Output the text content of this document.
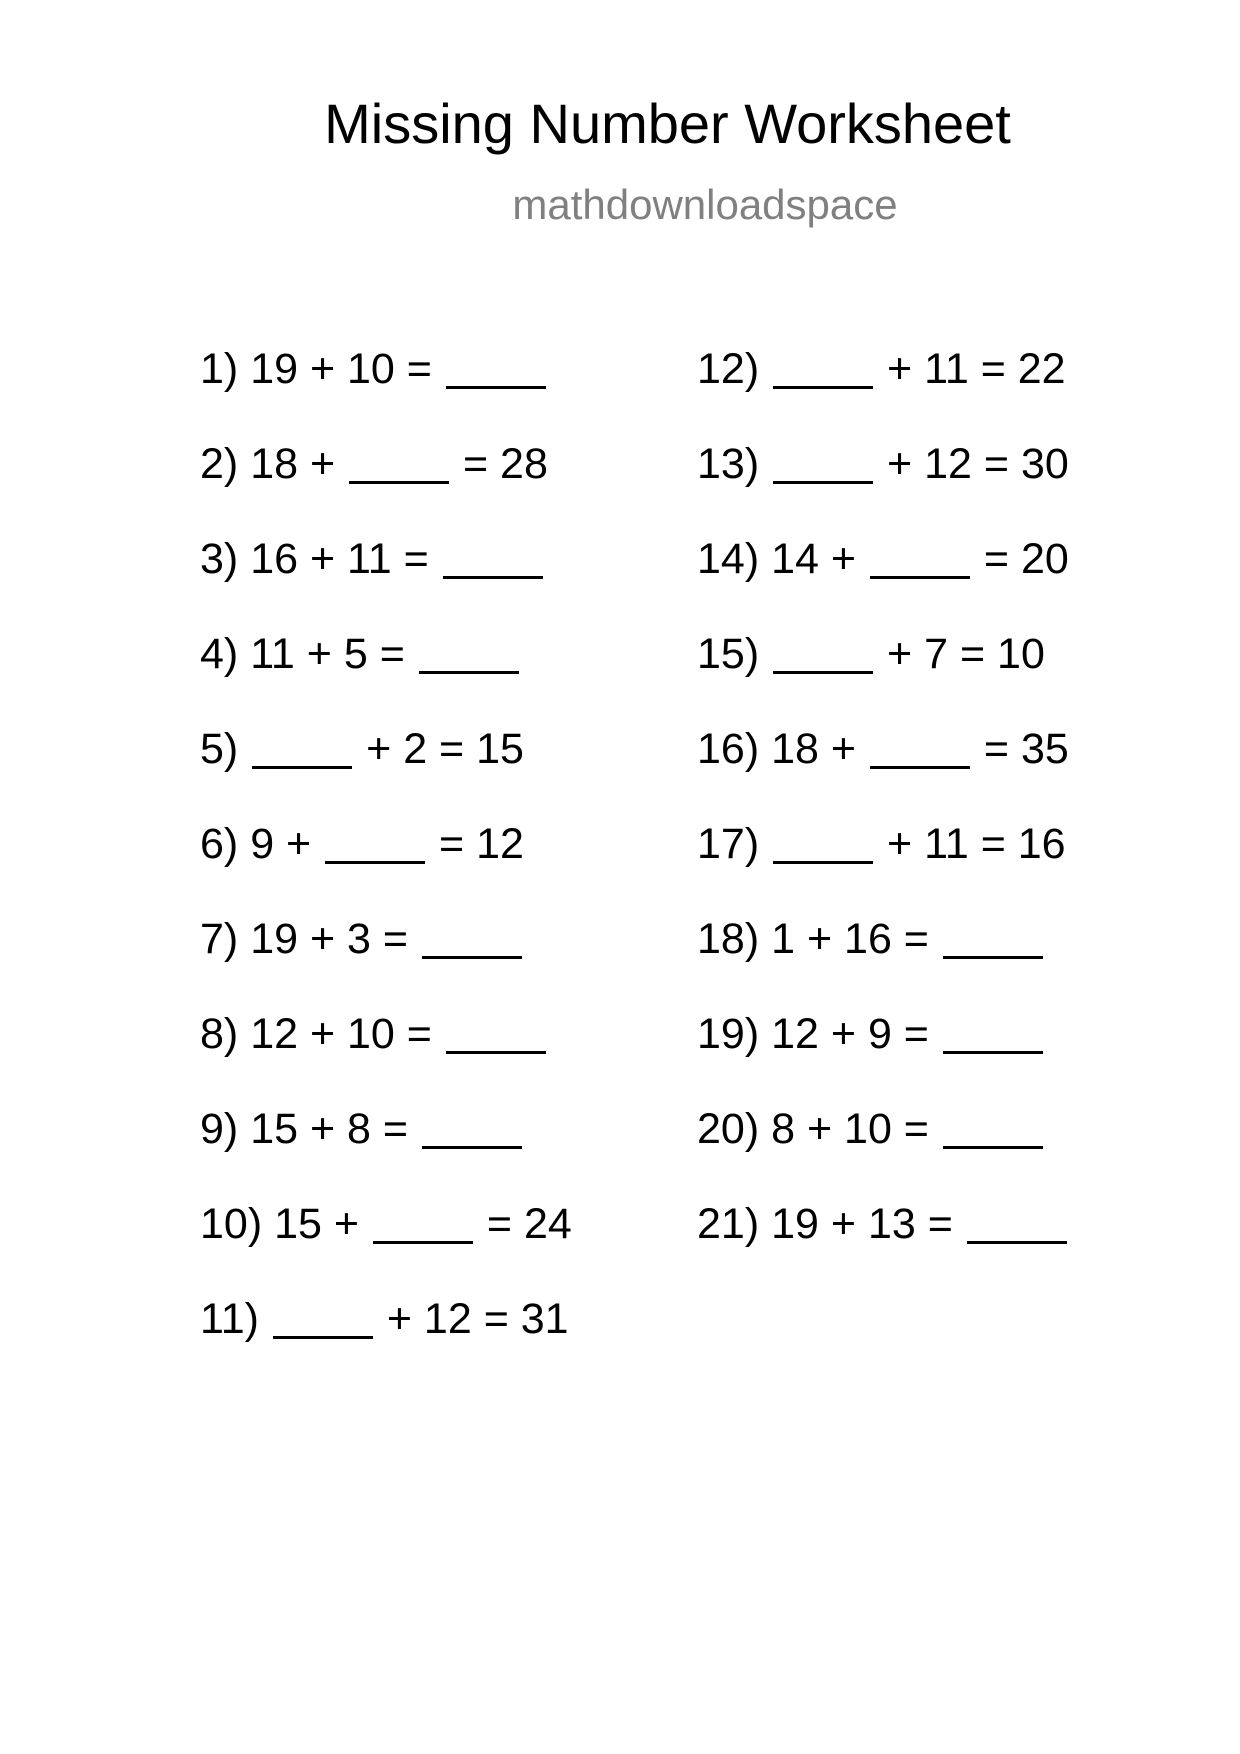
Missing Number Worksheet
mathdownloadspace
1)
19 + 10 =
2)
18 + = 28
3)
16 + 11 =
4)
11 + 5 =
5)
	+ 2 = 15
6)
9 + = 12
7)
19 + 3 =
8)
12 + 10 =
9)
15 + 8 =
10)
15 + = 24
11)
	+ 12 = 31
12)
	+ 11 = 22
13)
	+ 12 = 30
14)
14 + = 20
15)
	+ 7 = 10
16)
18 + = 35
17)
	+ 11 = 16
18)
1 + 16 =
19)
12 + 9 =
20)
8 + 10 =
21)
19 + 13 =
